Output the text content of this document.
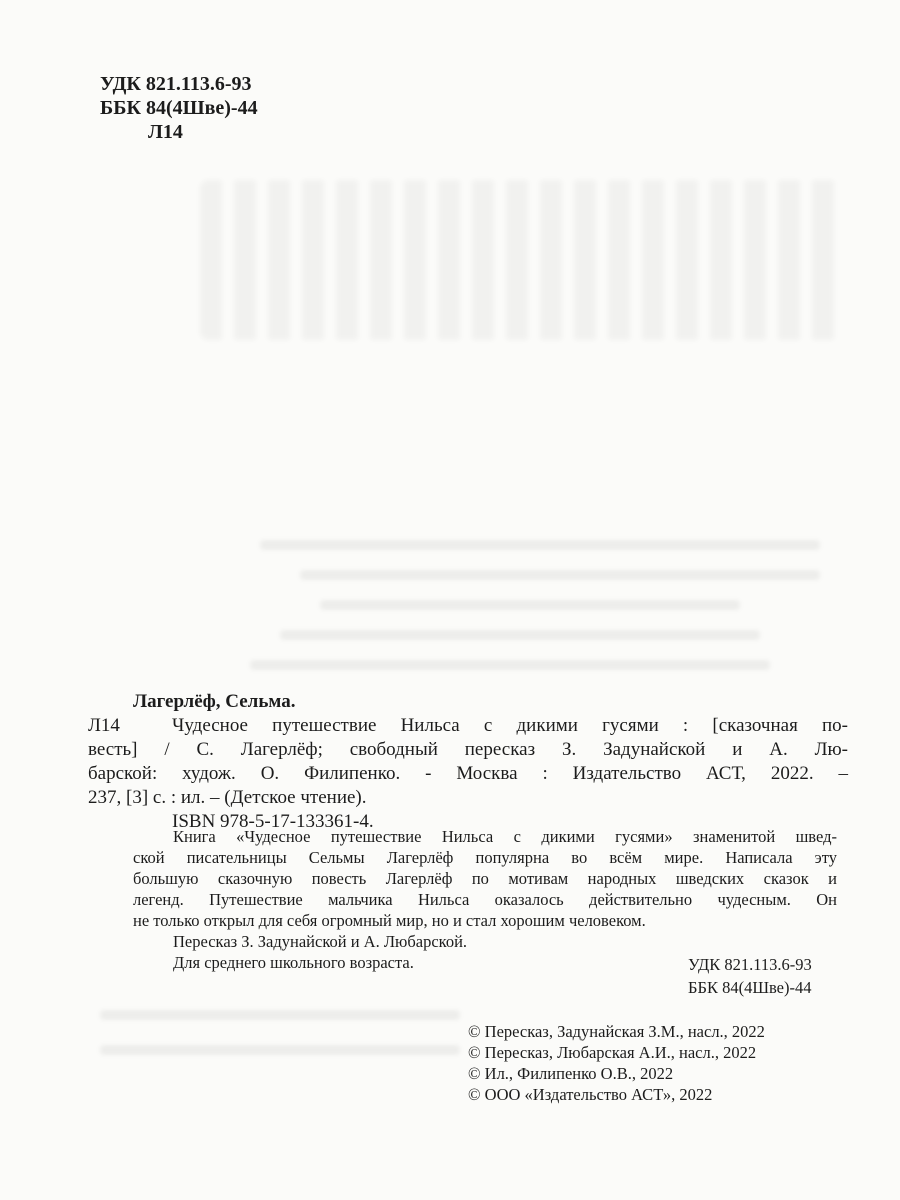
УДК 821.113.6-93
ББК 84(4Шве)-44
Л14
Лагерлёф, Сельма.
Л14	Чудесное путешествие Нильса с дикими гусями : [сказочная по-
весть] / С. Лагерлёф; свободный пересказ З. Задунайской и А. Лю-
барской: худож. О. Филипенко. - Москва : Издательство АСТ, 2022. –
237, [3] с. : ил. – (Детское чтение).
ISBN 978-5-17-133361-4.
Книга «Чудесное путешествие Нильса с дикими гусями» знаменитой швед-
ской писательницы Сельмы Лагерлёф популярна во всём мире. Написала эту
большую сказочную повесть Лагерлёф по мотивам народных шведских сказок и
легенд. Путешествие мальчика Нильса оказалось действительно чудесным. Он
не только открыл для себя огромный мир, но и стал хорошим человеком.
Пересказ З. Задунайской и А. Любарской.
Для среднего школьного возраста.	УДК 821.113.6-93
ББК 84(4Шве)-44
© Пересказ, Задунайская З.М., насл., 2022
© Пересказ, Любарская А.И., насл., 2022
© Ил., Филипенко О.В., 2022
© ООО «Издательство АСТ», 2022
